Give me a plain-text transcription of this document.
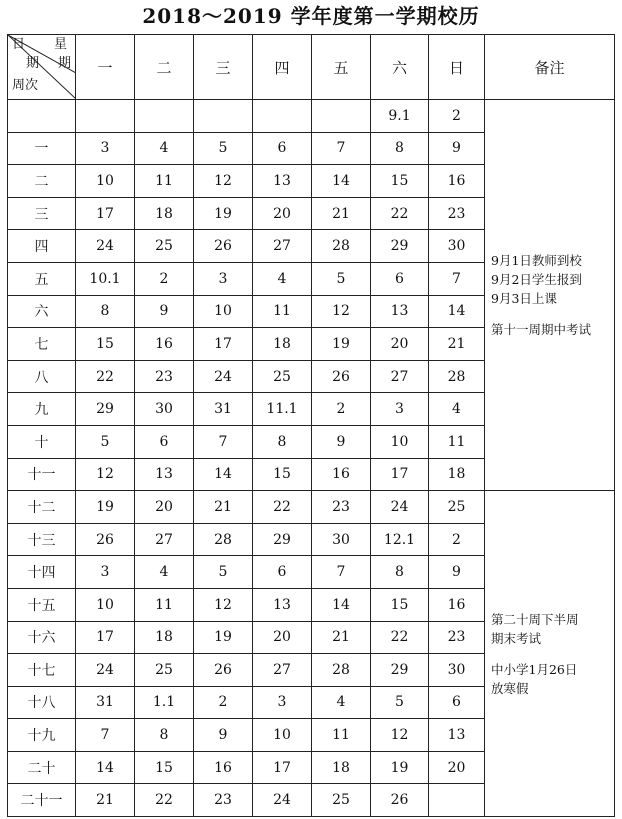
2018～2019 学年度第一学期校历
日
期
星
期
周次	一	二	三	四	五	六	日	备注
						9.1	2	9月1日教师到校
9月2日学生报到
9月3日上课
第十一周期中考试

一	3	4	5	6	7	8	9	
二	10	11	12	13	14	15	16	
三	17	18	19	20	21	22	23	
四	24	25	26	27	28	29	30	
五	10.1	2	3	4	5	6	7	
六	8	9	10	11	12	13	14	
七	15	16	17	18	19	20	21	
八	22	23	24	25	26	27	28	
九	29	30	31	11.1	2	3	4	
十	5	6	7	8	9	10	11	
十一	12	13	14	15	16	17	18	
十二	19	20	21	22	23	24	25	第二十周下半周
期末考试
中小学1月26日
放寒假

十三	26	27	28	29	30	12.1	2	
十四	3	4	5	6	7	8	9	
十五	10	11	12	13	14	15	16	
十六	17	18	19	20	21	22	23	
十七	24	25	26	27	28	29	30	
十八	31	1.1	2	3	4	5	6	
十九	7	8	9	10	11	12	13	
二十	14	15	16	17	18	19	20	
二十一	21	22	23	24	25	26		
